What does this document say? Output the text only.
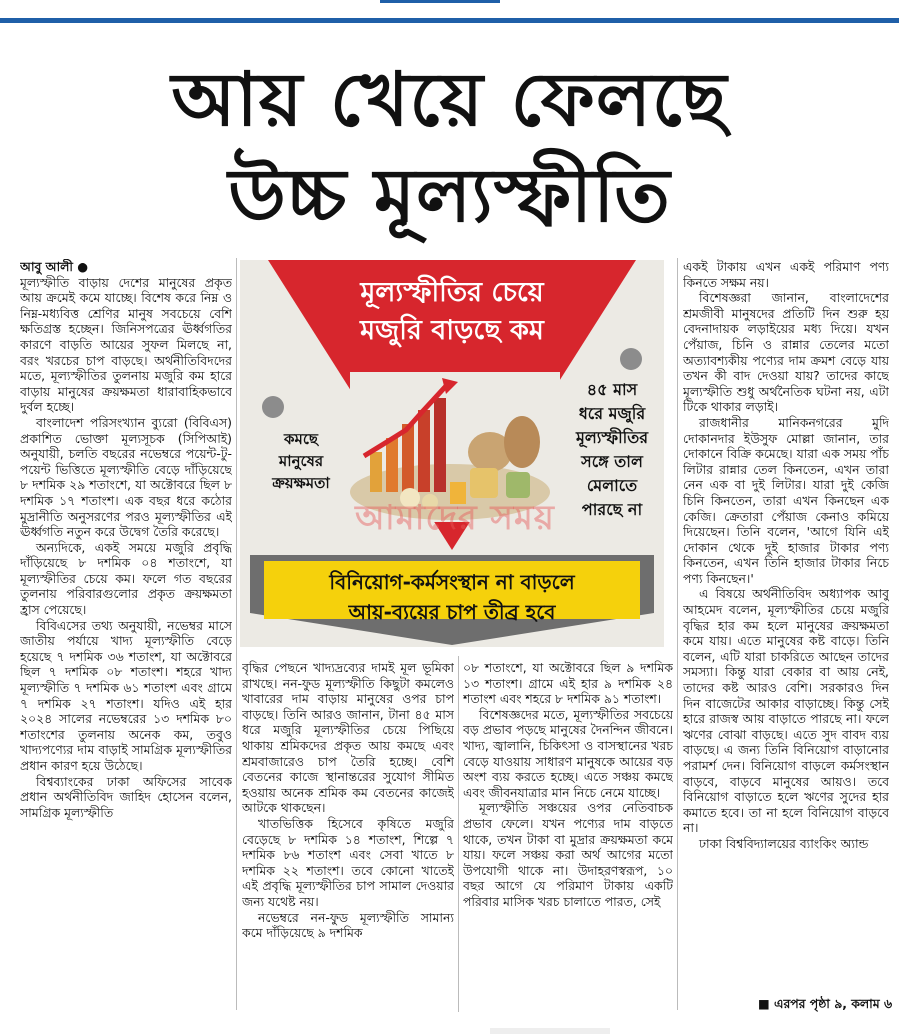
আয় খেয়ে ফেলছে
উচ্চ মূল্যস্ফীতি

আবু আলী ●

মূল্যস্ফীতি বাড়ায় দেশের মানুষের প্রকৃত আয় ক্রমেই কমে যাচ্ছে। বিশেষ করে নিম্ন ও নিম্ন-মধ্যবিত্ত শ্রেণির মানুষ সবচেয়ে বেশি ক্ষতিগ্রস্ত হচ্ছেন। জিনিসপত্রের ঊর্ধ্বগতির কারণে বাড়তি আয়ের সুফল মিলছে না, বরং খরচের চাপ বাড়ছে। অর্থনীতিবিদদের মতে, মূল্যস্ফীতির তুলনায় মজুরি কম হারে বাড়ায় মানুষের ক্রয়ক্ষমতা ধারাবাহিকভাবে দুর্বল হচ্ছে।

বাংলাদেশ পরিসংখ্যান ব্যুরো (বিবিএস) প্রকাশিত ভোক্তা মূল্যসূচক (সিপিআই) অনুযায়ী, চলতি বছরের নভেম্বরে পয়েন্ট-টু-পয়েন্ট ভিত্তিতে মূল্যস্ফীতি বেড়ে দাঁড়িয়েছে ৮ দশমিক ২৯ শতাংশে, যা অক্টোবরে ছিল ৮ দশমিক ১৭ শতাংশ। এক বছর ধরে কঠোর মুদ্রানীতি অনুসরণের পরও মূল্যস্ফীতির এই ঊর্ধ্বগতি নতুন করে উদ্বেগ তৈরি করেছে।

অন্যদিকে, একই সময়ে মজুরি প্রবৃদ্ধি দাঁড়িয়েছে ৮ দশমিক ০৪ শতাংশে, যা মূল্যস্ফীতির চেয়ে কম। ফলে গত বছরের তুলনায় পরিবারগুলোর প্রকৃত ক্রয়ক্ষমতা হ্রাস পেয়েছে।

বিবিএসের তথ্য অনুযায়ী, নভেম্বর মাসে জাতীয় পর্যায়ে খাদ্য মূল্যস্ফীতি বেড়ে হয়েছে ৭ দশমিক ৩৬ শতাংশ, যা অক্টোবরে ছিল ৭ দশমিক ০৮ শতাংশ। শহরে খাদ্য মূল্যস্ফীতি ৭ দশমিক ৬১ শতাংশ এবং গ্রামে ৭ দশমিক ২৭ শতাংশ। যদিও এই হার ২০২৪ সালের নভেম্বরের ১৩ দশমিক ৮০ শতাংশের তুলনায় অনেক কম, তবুও খাদ্যপণ্যের দাম বাড়াই সামগ্রিক মূল্যস্ফীতির প্রধান কারণ হয়ে উঠেছে।

বিশ্বব্যাংকের ঢাকা অফিসের সাবেক প্রধান অর্থনীতিবিদ জাহিদ হোসেন বলেন, সামগ্রিক মূল্যস্ফীতি

মূল্যস্ফীতির চেয়ে
মজুরি বাড়ছে কম
কমছে
মানুষের
ক্রয়ক্ষমতা
৪৫ মাস
ধরে মজুরি
মূল্যস্ফীতির
সঙ্গে তাল
মেলাতে
পারছে না
আমাদের সময়
বিনিয়োগ-কর্মসংস্থান না বাড়লে
আয়-ব্যয়ের চাপ তীব্র হবে

বৃদ্ধির পেছনে খাদ্যদ্রব্যের দামই মূল ভূমিকা রাখছে। নন-ফুড মূল্যস্ফীতি কিছুটা কমলেও খাবারের দাম বাড়ায় মানুষের ওপর চাপ বাড়ছে। তিনি আরও জানান, টানা ৪৫ মাস ধরে মজুরি মূল্যস্ফীতির চেয়ে পিছিয়ে থাকায় শ্রমিকদের প্রকৃত আয় কমছে এবং শ্রমবাজারেও চাপ তৈরি হচ্ছে। বেশি বেতনের কাজে স্থানান্তরের সুযোগ সীমিত হওয়ায় অনেক শ্রমিক কম বেতনের কাজেই আটকে থাকছেন।

খাতভিত্তিক হিসেবে কৃষিতে মজুরি বেড়েছে ৮ দশমিক ১৪ শতাংশ, শিল্পে ৭ দশমিক ৮৬ শতাংশ এবং সেবা খাতে ৮ দশমিক ২২ শতাংশ। তবে কোনো খাতেই এই প্রবৃদ্ধি মূল্যস্ফীতির চাপ সামাল দেওয়ার জন্য যথেষ্ট নয়।

নভেম্বরে নন-ফুড মূল্যস্ফীতি সামান্য কমে দাঁড়িয়েছে ৯ দশমিক

০৮ শতাংশে, যা অক্টোবরে ছিল ৯ দশমিক ১৩ শতাংশ। গ্রামে এই হার ৯ দশমিক ২৪ শতাংশ এবং শহরে ৮ দশমিক ৯১ শতাংশ।

বিশেষজ্ঞদের মতে, মূল্যস্ফীতির সবচেয়ে বড় প্রভাব পড়ছে মানুষের দৈনন্দিন জীবনে। খাদ্য, জ্বালানি, চিকিৎসা ও বাসস্থানের খরচ বেড়ে যাওয়ায় সাধারণ মানুষকে আয়ের বড় অংশ ব্যয় করতে হচ্ছে। এতে সঞ্চয় কমছে এবং জীবনযাত্রার মান নিচে নেমে যাচ্ছে।

মূল্যস্ফীতি সঞ্চয়ের ওপর নেতিবাচক প্রভাব ফেলে। যখন পণ্যের দাম বাড়তে থাকে, তখন টাকা বা মুদ্রার ক্রয়ক্ষমতা কমে যায়। ফলে সঞ্চয় করা অর্থ আগের মতো উপযোগী থাকে না। উদাহরণস্বরূপ, ১০ বছর আগে যে পরিমাণ টাকায় একটি পরিবার মাসিক খরচ চালাতে পারত, সেই

একই টাকায় এখন একই পরিমাণ পণ্য কিনতে সক্ষম নয়।

বিশেষজ্ঞরা জানান, বাংলাদেশের শ্রমজীবী মানুষদের প্রতিটি দিন শুরু হয় বেদনাদায়ক লড়াইয়ের মধ্য দিয়ে। যখন পেঁয়াজ, চিনি ও রান্নার তেলের মতো অত্যাবশ্যকীয় পণ্যের দাম ক্রমশ বেড়ে যায় তখন কী বাদ দেওয়া যায়? তাদের কাছে মূল্যস্ফীতি শুধু অর্থনৈতিক ঘটনা নয়, এটা টিকে থাকার লড়াই।

রাজধানীর মানিকনগরের মুদি দোকানদার ইউসুফ মোল্লা জানান, তার দোকানে বিক্রি কমেছে। যারা এক সময় পাঁচ লিটার রান্নার তেল কিনতেন, এখন তারা নেন এক বা দুই লিটার। যারা দুই কেজি চিনি কিনতেন, তারা এখন কিনছেন এক কেজি। ক্রেতারা পেঁয়াজ কেনাও কমিয়ে দিয়েছেন। তিনি বলেন, 'আগে যিনি এই দোকান থেকে দুই হাজার টাকার পণ্য কিনতেন, এখন তিনি হাজার টাকার নিচে পণ্য কিনছেন।'

এ বিষয়ে অর্থনীতিবিদ অধ্যাপক আবু আহমেদ বলেন, মূল্যস্ফীতির চেয়ে মজুরি বৃদ্ধির হার কম হলে মানুষের ক্রয়ক্ষমতা কমে যায়। এতে মানুষের কষ্ট বাড়ে। তিনি বলেন, এটি যারা চাকরিতে আছেন তাদের সমস্যা। কিন্তু যারা বেকার বা আয় নেই, তাদের কষ্ট আরও বেশি। সরকারও দিন দিন বাজেটের আকার বাড়াচ্ছে। কিন্তু সেই হারে রাজস্ব আয় বাড়াতে পারছে না। ফলে ঋণের বোঝা বাড়ছে। এতে সুদ বাবদ ব্যয় বাড়ছে। এ জন্য তিনি বিনিয়োগ বাড়ানোর পরামর্শ দেন। বিনিয়োগ বাড়লে কর্মসংস্থান বাড়বে, বাড়বে মানুষের আয়ও। তবে বিনিয়োগ বাড়াতে হলে ঋণের সুদের হার কমাতে হবে। তা না হলে বিনিয়োগ বাড়বে না।

ঢাকা বিশ্ববিদ্যালয়ের ব্যাংকিং অ্যান্ড

■ এরপর পৃষ্ঠা ৯, কলাম ৬
